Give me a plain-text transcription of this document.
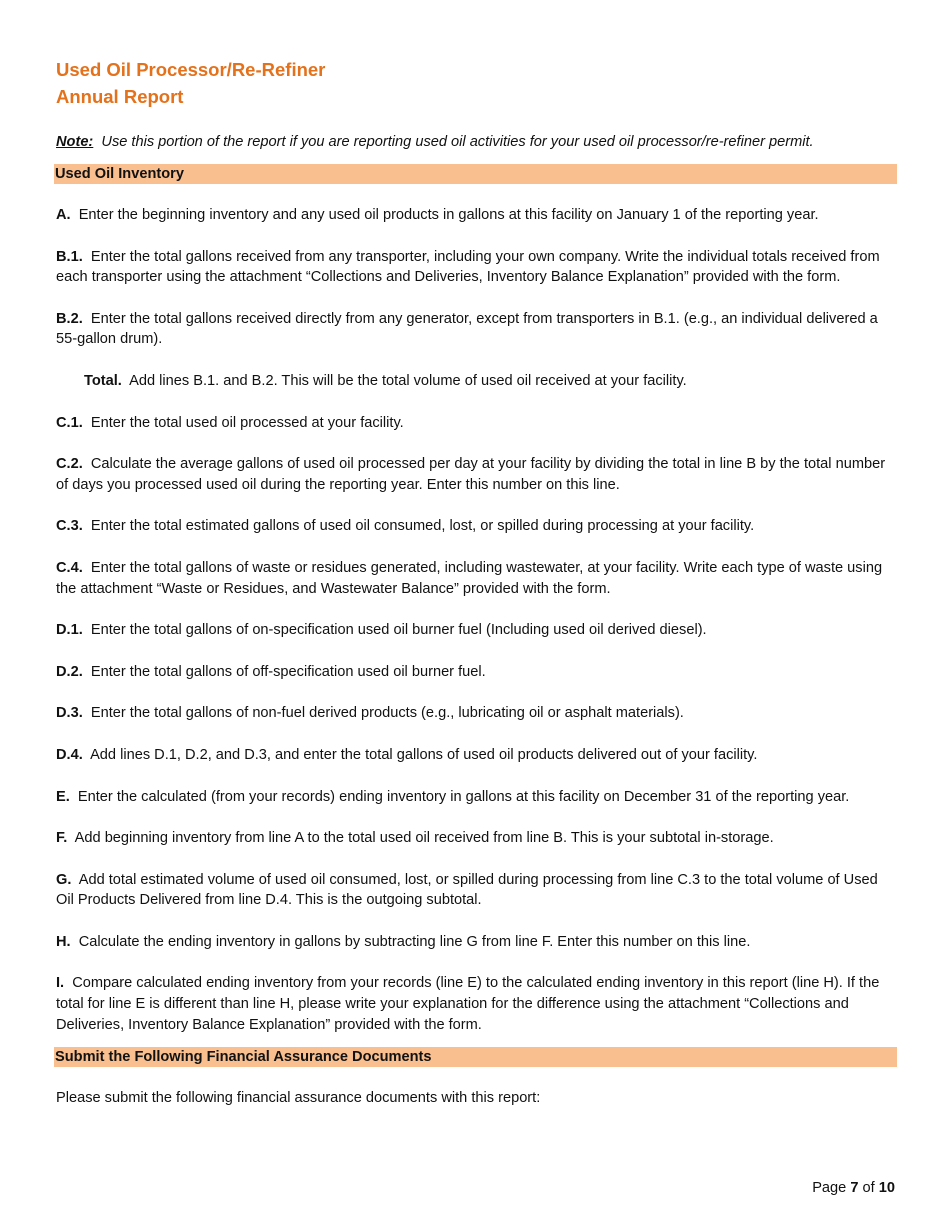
Used Oil Processor/Re-Refiner
Annual Report
Note: Use this portion of the report if you are reporting used oil activities for your used oil processor/re-refiner permit.
Used Oil Inventory

A. Enter the beginning inventory and any used oil products in gallons at this facility on January 1 of the reporting year.

B.1. Enter the total gallons received from any transporter, including your own company. Write the individual totals received from each transporter using the attachment “Collections and Deliveries, Inventory Balance Explanation” provided with the form.

B.2. Enter the total gallons received directly from any generator, except from transporters in B.1. (e.g., an individual delivered a 55-gallon drum).

Total. Add lines B.1. and B.2. This will be the total volume of used oil received at your facility.

C.1. Enter the total used oil processed at your facility.

C.2. Calculate the average gallons of used oil processed per day at your facility by dividing the total in line B by the total number of days you processed used oil during the reporting year. Enter this number on this line.

C.3. Enter the total estimated gallons of used oil consumed, lost, or spilled during processing at your facility.

C.4. Enter the total gallons of waste or residues generated, including wastewater, at your facility. Write each type of waste using the attachment “Waste or Residues, and Wastewater Balance” provided with the form.

D.1. Enter the total gallons of on-specification used oil burner fuel (Including used oil derived diesel).

D.2. Enter the total gallons of off-specification used oil burner fuel.

D.3. Enter the total gallons of non-fuel derived products (e.g., lubricating oil or asphalt materials).

D.4. Add lines D.1, D.2, and D.3, and enter the total gallons of used oil products delivered out of your facility.

E. Enter the calculated (from your records) ending inventory in gallons at this facility on December 31 of the reporting year.

F. Add beginning inventory from line A to the total used oil received from line B. This is your subtotal in-storage.

G. Add total estimated volume of used oil consumed, lost, or spilled during processing from line C.3 to the total volume of Used Oil Products Delivered from line D.4. This is the outgoing subtotal.

H. Calculate the ending inventory in gallons by subtracting line G from line F. Enter this number on this line.

I. Compare calculated ending inventory from your records (line E) to the calculated ending inventory in this report (line H). If the total for line E is different than line H, please write your explanation for the difference using the attachment “Collections and Deliveries, Inventory Balance Explanation” provided with the form.

Submit the Following Financial Assurance Documents

Please submit the following financial assurance documents with this report:

Page 7 of 10
